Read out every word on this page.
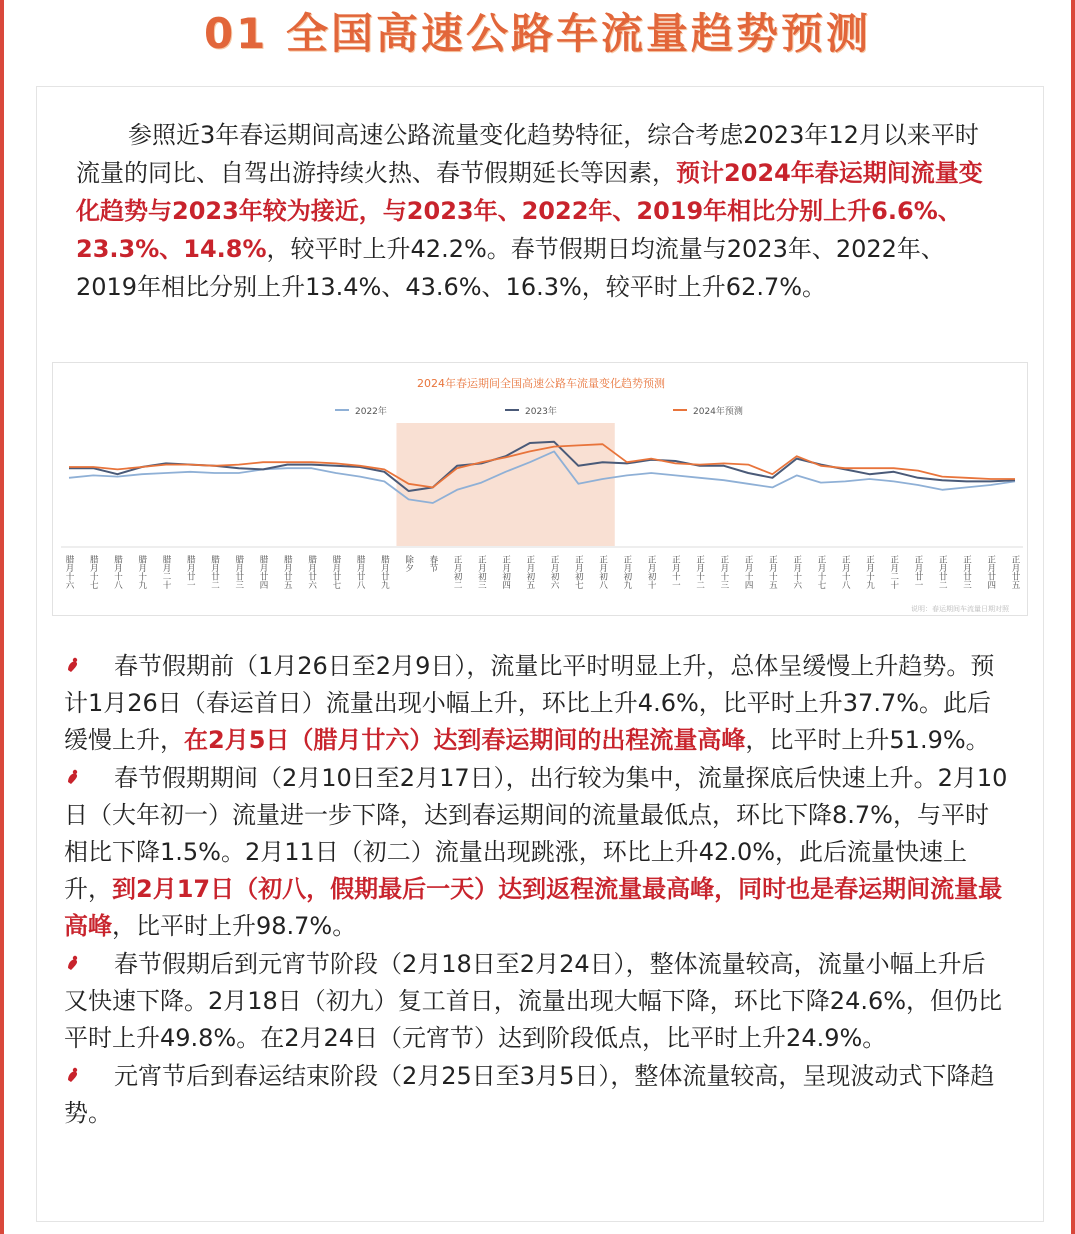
01 全国高速公路车流量趋势预测
参照近3年春运期间高速公路流量变化趋势特征，综合考虑2023年12月以来平时流量的同比、自驾出游持续火热、春节假期延长等因素，预计2024年春运期间流量变化趋势与2023年较为接近，与2023年、2022年、2019年相比分别上升6.6%、23.3%、14.8%，较平时上升42.2%。春节假期日均流量与2023年、2022年、2019年相比分别上升13.4%、43.6%、16.3%，较平时上升62.7%。
2024年春运期间全国高速公路车流量变化趋势预测
说明：春运期间车流量日期对照
2022年	2023年	2024年预测
腊月十六 腊月十七 腊月十八 腊月十九 腊月二十 腊月廿一 腊月廿二 腊月廿三 腊月廿四 腊月廿五 腊月廿六 腊月廿七 腊月廿八 腊月廿九 除夕 春节 正月初二 正月初三 正月初四 正月初五 正月初六 正月初七 正月初八 正月初九 正月初十 正月十一 正月十二 正月十三 正月十四 正月十五 正月十六 正月十七 正月十八 正月十九 正月二十 正月廿一 正月廿二 正月廿三 正月廿四 正月廿五
春节假期前（1月26日至2月9日），流量比平时明显上升，总体呈缓慢上升趋势。预计1月26日（春运首日）流量出现小幅上升，环比上升4.6%，比平时上升37.7%。此后缓慢上升，在2月5日（腊月廿六）达到春运期间的出程流量高峰，比平时上升51.9%。
春节假期期间（2月10日至2月17日），出行较为集中，流量探底后快速上升。2月10日（大年初一）流量进一步下降，达到春运期间的流量最低点，环比下降8.7%，与平时相比下降1.5%。2月11日（初二）流量出现跳涨，环比上升42.0%，此后流量快速上升，到2月17日（初八，假期最后一天）达到返程流量最高峰，同时也是春运期间流量最高峰，比平时上升98.7%。
春节假期后到元宵节阶段（2月18日至2月24日），整体流量较高，流量小幅上升后又快速下降。2月18日（初九）复工首日，流量出现大幅下降，环比下降24.6%，但仍比平时上升49.8%。在2月24日（元宵节）达到阶段低点，比平时上升24.9%。
元宵节后到春运结束阶段（2月25日至3月5日），整体流量较高，呈现波动式下降趋势。
